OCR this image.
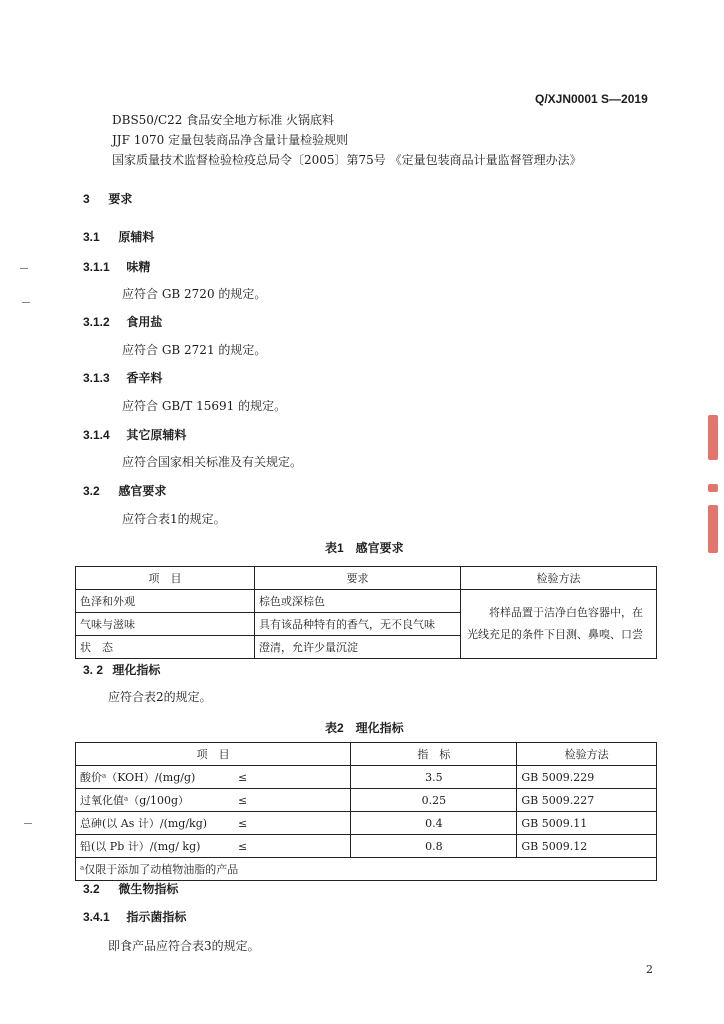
Q/XJN0001 S—2019
DBS50/C22 食品安全地方标准 火锅底料
JJF 1070 定量包装商品净含量计量检验规则
国家质量技术监督检验检疫总局令〔2005〕第75号 《定量包装商品计量监督管理办法》
3 要求
3.1 原辅料
3.1.1 味精
应符合 GB 2720 的规定。
3.1.2 食用盐
应符合 GB 2721 的规定。
3.1.3 香辛料
应符合 GB/T 15691 的规定。
3.1.4 其它原辅料
应符合国家相关标准及有关规定。
3.2 感官要求
应符合表1的规定。
表1　感官要求
项　目	要求	检验方法
色泽和外观	棕色或深棕色	将样品置于洁净白色容器中，在光线充足的条件下目测、鼻嗅、口尝
气味与滋味	具有该品种特有的香气，无不良气味	
状　态	澄清，允许少量沉淀	
3. 2 理化指标
应符合表2的规定。
表2　理化指标
项　目		指　标	检验方法
酸价ᵃ（KOH）/(mg/g)	≤	3.5	GB 5009.229
过氧化值ᵃ（g/100g）	≤	0.25	GB 5009.227
总砷(以 As 计）/(mg/kg)	≤	0.4	GB 5009.11
铅(以 Pb 计）/(mg/ kg)	≤	0.8	GB 5009.12
ᵃ仅限于添加了动植物油脂的产品			
3.2 微生物指标
3.4.1 指示菌指标
即食产品应符合表3的规定。
2
